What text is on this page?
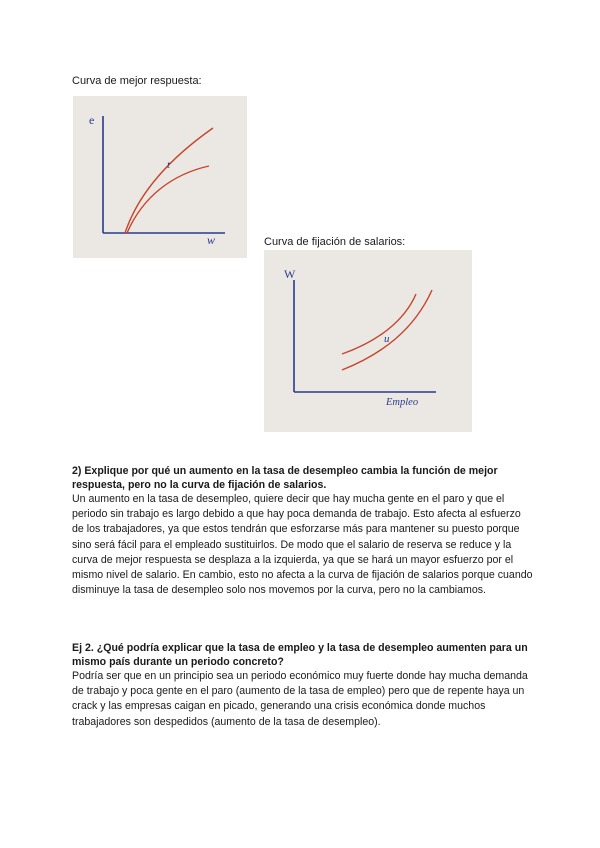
Curva de mejor respuesta:
e
w
t
Curva de fijación de salarios:
W
Empleo
u
2) Explique por qué un aumento en la tasa de desempleo cambia la función de mejor respuesta, pero no la curva de fijación de salarios.
Un aumento en la tasa de desempleo, quiere decir que hay mucha gente en el paro y que el periodo sin trabajo es largo debido a que hay poca demanda de trabajo. Esto afecta al esfuerzo de los trabajadores, ya que estos tendrán que esforzarse más para mantener su puesto porque sino será fácil para el empleado sustituirlos. De modo que el salario de reserva se reduce y la curva de mejor respuesta se desplaza a la izquierda, ya que se hará un mayor esfuerzo por el mismo nivel de salario. En cambio, esto no afecta a la curva de fijación de salarios porque cuando disminuye la tasa de desempleo solo nos movemos por la curva, pero no la cambiamos.
Ej 2. ¿Qué podría explicar que la tasa de empleo y la tasa de desempleo aumenten para un mismo país durante un periodo concreto?
Podría ser que en un principio sea un periodo económico muy fuerte donde hay mucha demanda de trabajo y poca gente en el paro (aumento de la tasa de empleo) pero que de repente haya un crack y las empresas caigan en picado, generando una crisis económica donde muchos trabajadores son despedidos (aumento de la tasa de desempleo).
